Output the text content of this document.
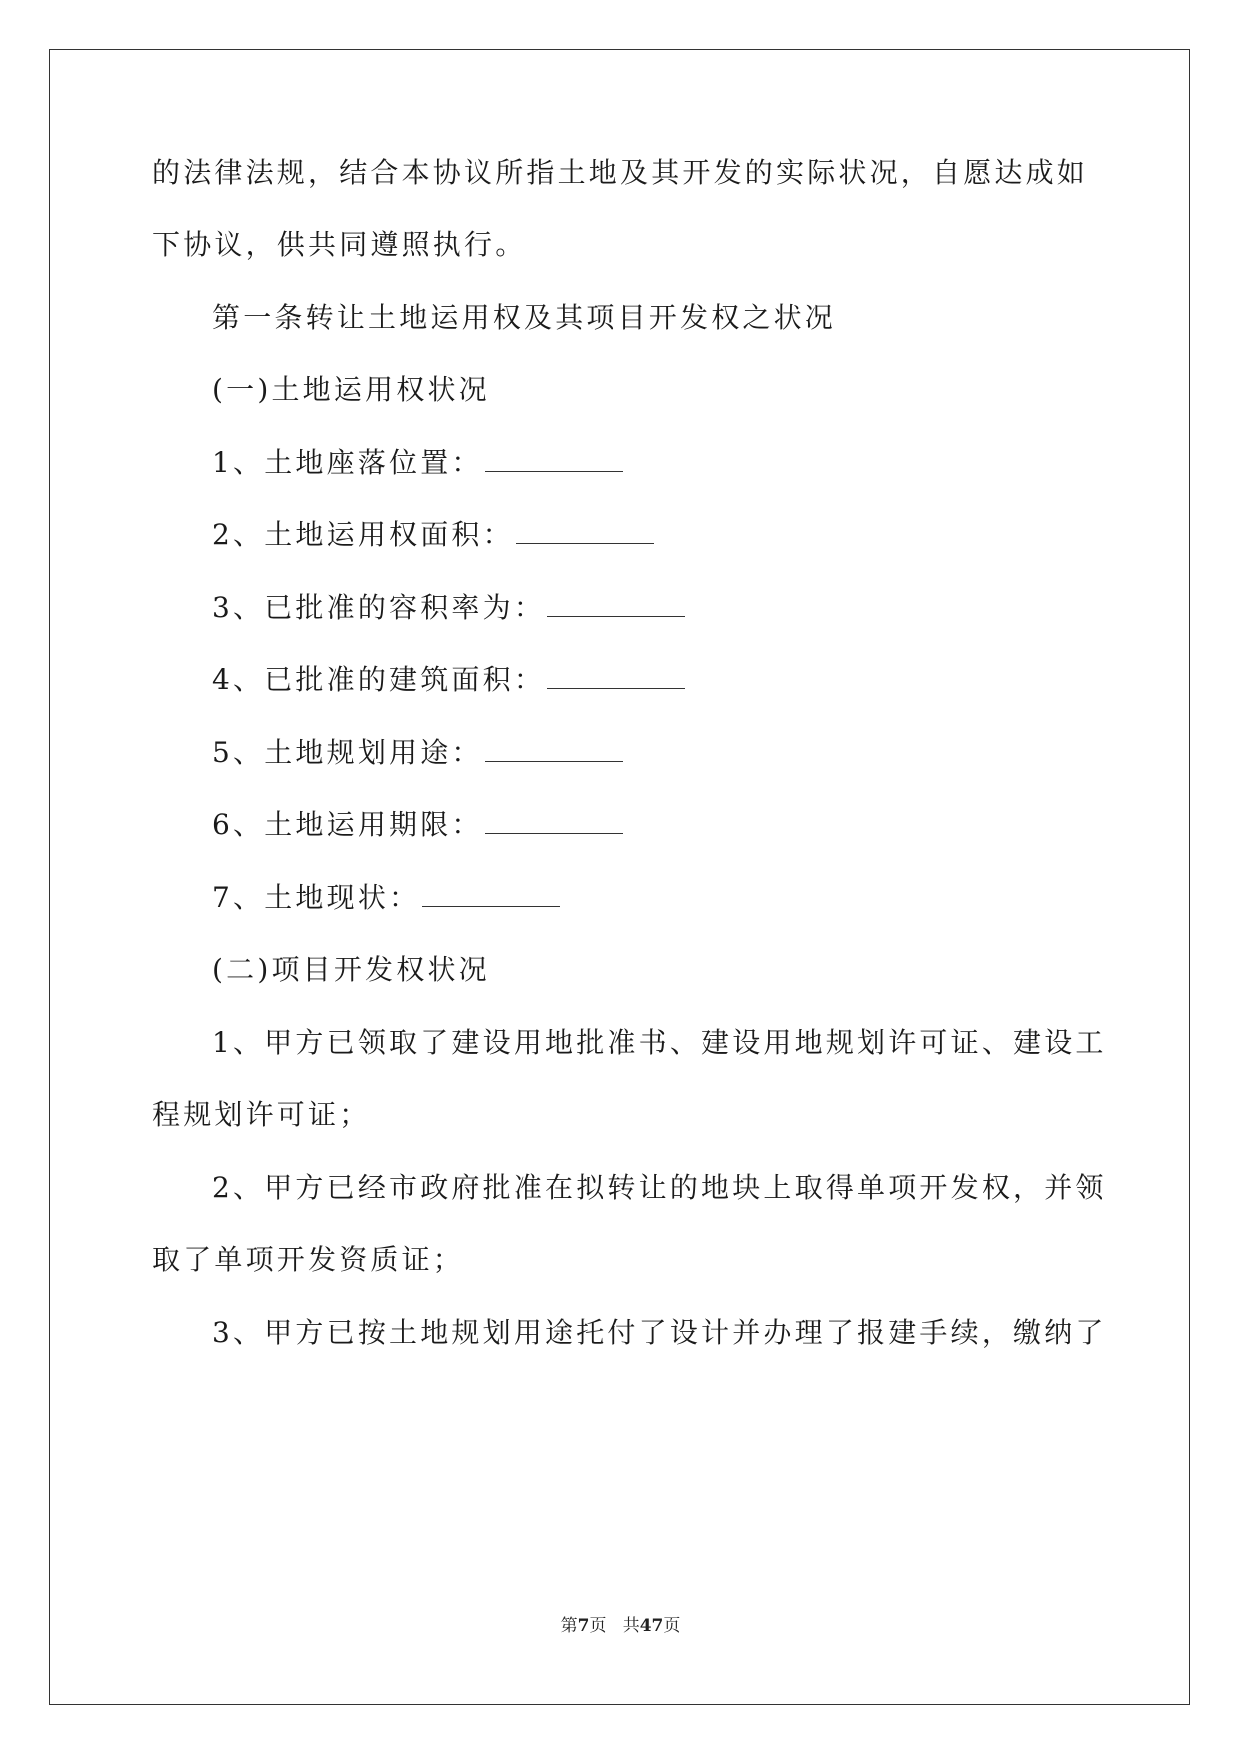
的法律法规，结合本协议所指土地及其开发的实际状况，自愿达成如
下协议，供共同遵照执行。
第一条转让土地运用权及其项目开发权之状况
(一)土地运用权状况
1、土地座落位置：
2、土地运用权面积：
3、已批准的容积率为：
4、已批准的建筑面积：
5、土地规划用途：
6、土地运用期限：
7、土地现状：
(二)项目开发权状况
1、甲方已领取了建设用地批准书、建设用地规划许可证、建设工
程规划许可证；
2、甲方已经市政府批准在拟转让的地块上取得单项开发权，并领
取了单项开发资质证；
3、甲方已按土地规划用途托付了设计并办理了报建手续，缴纳了
第7页 共47页
